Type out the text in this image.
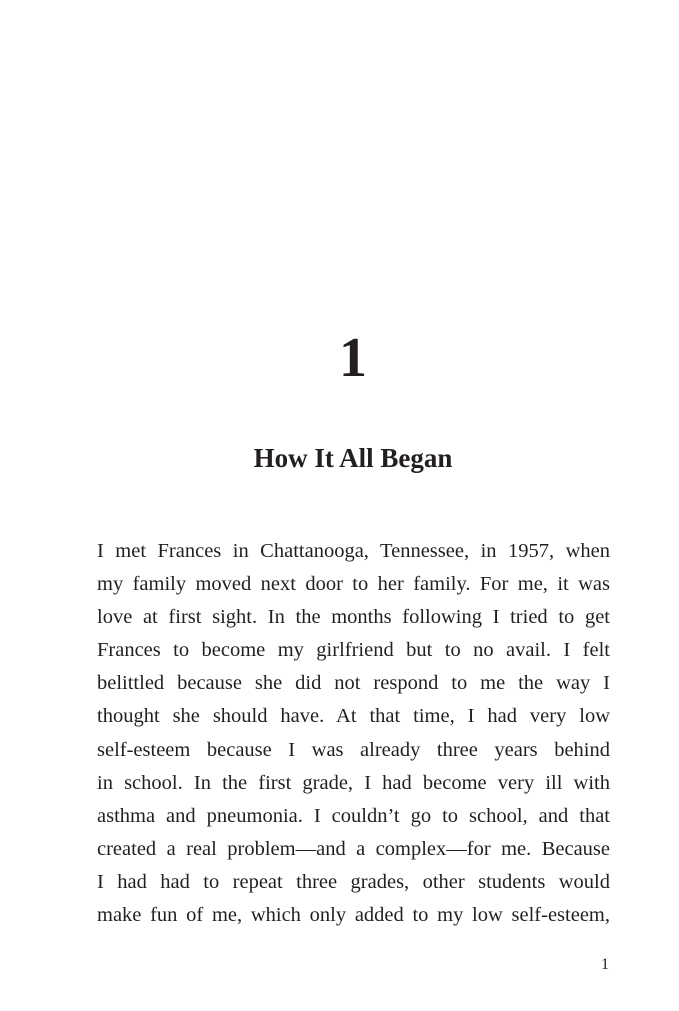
1
How It All Began
I met Frances in Chattanooga, Tennessee, in 1957, when
my family moved next door to her family. For me, it was
love at first sight. In the months following I tried to get
Frances to become my girlfriend but to no avail. I felt
belittled because she did not respond to me the way I
thought she should have. At that time, I had very low
self-esteem because I was already three years behind
in school. In the first grade, I had become very ill with
asthma and pneumonia. I couldn’t go to school, and that
created a real problem—and a complex—for me. Because
I had had to repeat three grades, other students would
make fun of me, which only added to my low self-esteem,
1
